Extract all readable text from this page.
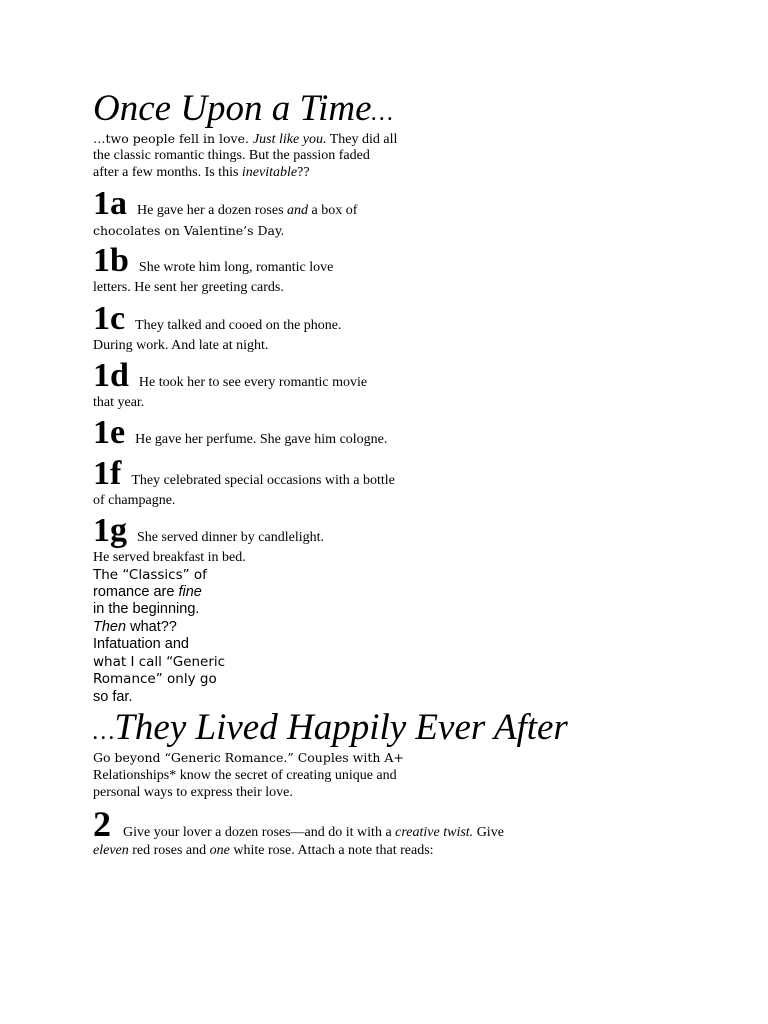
Once Upon a Time…
…two people fell in love. Just like you. They did all
the classic romantic things. But the passion faded
after a few months. Is this inevitable??
1a He gave her a dozen roses and a box of
chocolates on Valentine’s Day.
1b She wrote him long, romantic love
letters. He sent her greeting cards.
1c They talked and cooed on the phone.
During work. And late at night.
1d He took her to see every romantic movie
that year.
1e He gave her perfume. She gave him cologne.
1f They celebrated special occasions with a bottle
of champagne.
1g She served dinner by candlelight.
He served breakfast in bed.
The “Classics” of
romance are fine
in the beginning.
Then what??
Infatuation and
what I call “Generic
Romance” only go
so far.
…They Lived Happily Ever After
Go beyond “Generic Romance.” Couples with A+
Relationships* know the secret of creating unique and
personal ways to express their love.
2 Give your lover a dozen roses—and do it with a creative twist. Give
eleven red roses and one white rose. Attach a note that reads:
